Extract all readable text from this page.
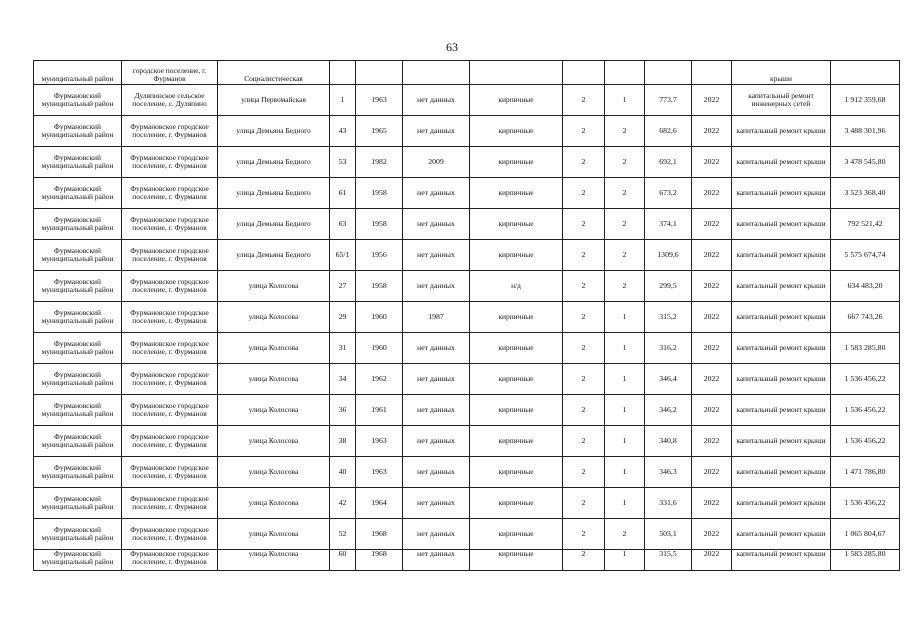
63
муниципальный район	городское поселение, г. Фурманов	Социалистическая									крыши	

Фурмановский муниципальный район	Дуляпинское сельское поселение, с. Дуляпино	улица Первомайская	1	1963	нет данных	кирпичные	2	1	773,7	2022	капитальный ремонт инженерных сетей	1 912 359,68

Фурмановский муниципальный район	Фурмановское городское поселение, г. Фурманов	улица Демьяна Бедного	43	1965	нет данных	кирпичные	2	2	682,6	2022	капитальный ремонт крыши	3 488 301,96

Фурмановский муниципальный район	Фурмановское городское поселение, г. Фурманов	улица Демьяна Бедного	53	1982	2009	кирпичные	2	2	692,1	2022	капитальный ремонт крыши	3 478 545,80

Фурмановский муниципальный район	Фурмановское городское поселение, г. Фурманов	улица Демьяна Бедного	61	1958	нет данных	кирпичные	2	2	673,2	2022	капитальный ремонт крыши	3 523 368,40

Фурмановский муниципальный район	Фурмановское городское поселение, г. Фурманов	улица Демьяна Бедного	63	1958	нет данных	кирпичные	2	2	374,1	2022	капитальный ремонт крыши	792 521,42

Фурмановский муниципальный район	Фурмановское городское поселение, г. Фурманов	улица Демьяна Бедного	65/1	1956	нет данных	кирпичные	2	2	1309,6	2022	капитальный ремонт крыши	5 575 674,74

Фурмановский муниципальный район	Фурмановское городское поселение, г. Фурманов	улица Колосова	27	1958	нет данных	н/д	2	2	299,5	2022	капитальный ремонт крыши	634 483,20

Фурмановский муниципальный район	Фурмановское городское поселение, г. Фурманов	улица Колосова	29	1960	1987	кирпичные	2	1	315,2	2022	капитальный ремонт крыши	667 743,26

Фурмановский муниципальный район	Фурмановское городское поселение, г. Фурманов	улица Колосова	31	1960	нет данных	кирпичные	2	1	316,2	2022	капитальный ремонт крыши	1 583 285,80

Фурмановский муниципальный район	Фурмановское городское поселение, г. Фурманов	улица Колосова	34	1962	нет данных	кирпичные	2	1	346,4	2022	капитальный ремонт крыши	1 536 456,22

Фурмановский муниципальный район	Фурмановское городское поселение, г. Фурманов	улица Колосова	36	1961	нет данных	кирпичные	2	1	346,2	2022	капитальный ремонт крыши	1 536 456,22

Фурмановский муниципальный район	Фурмановское городское поселение, г. Фурманов	улица Колосова	38	1963	нет данных	кирпичные	2	1	340,8	2022	капитальный ремонт крыши	1 536 456,22

Фурмановский муниципальный район	Фурмановское городское поселение, г. Фурманов	улица Колосова	40	1963	нет данных	кирпичные	2	1	346,3	2022	капитальный ремонт крыши	1 471 786,80

Фурмановский муниципальный район	Фурмановское городское поселение, г. Фурманов	улица Колосова	42	1964	нет данных	кирпичные	2	1	331,6	2022	капитальный ремонт крыши	1 536 456,22

Фурмановский муниципальный район	Фурмановское городское поселение, г. Фурманов	улица Колосова	52	1968	нет данных	кирпичные	2	2	503,1	2022	капитальный ремонт крыши	1 065 804,67

Фурмановский муниципальный район	Фурмановское городское поселение, г. Фурманов	улица Колосова	60	1968	нет данных	кирпичные	2	1	315,5	2022	капитальный ремонт крыши	1 583 285,80
